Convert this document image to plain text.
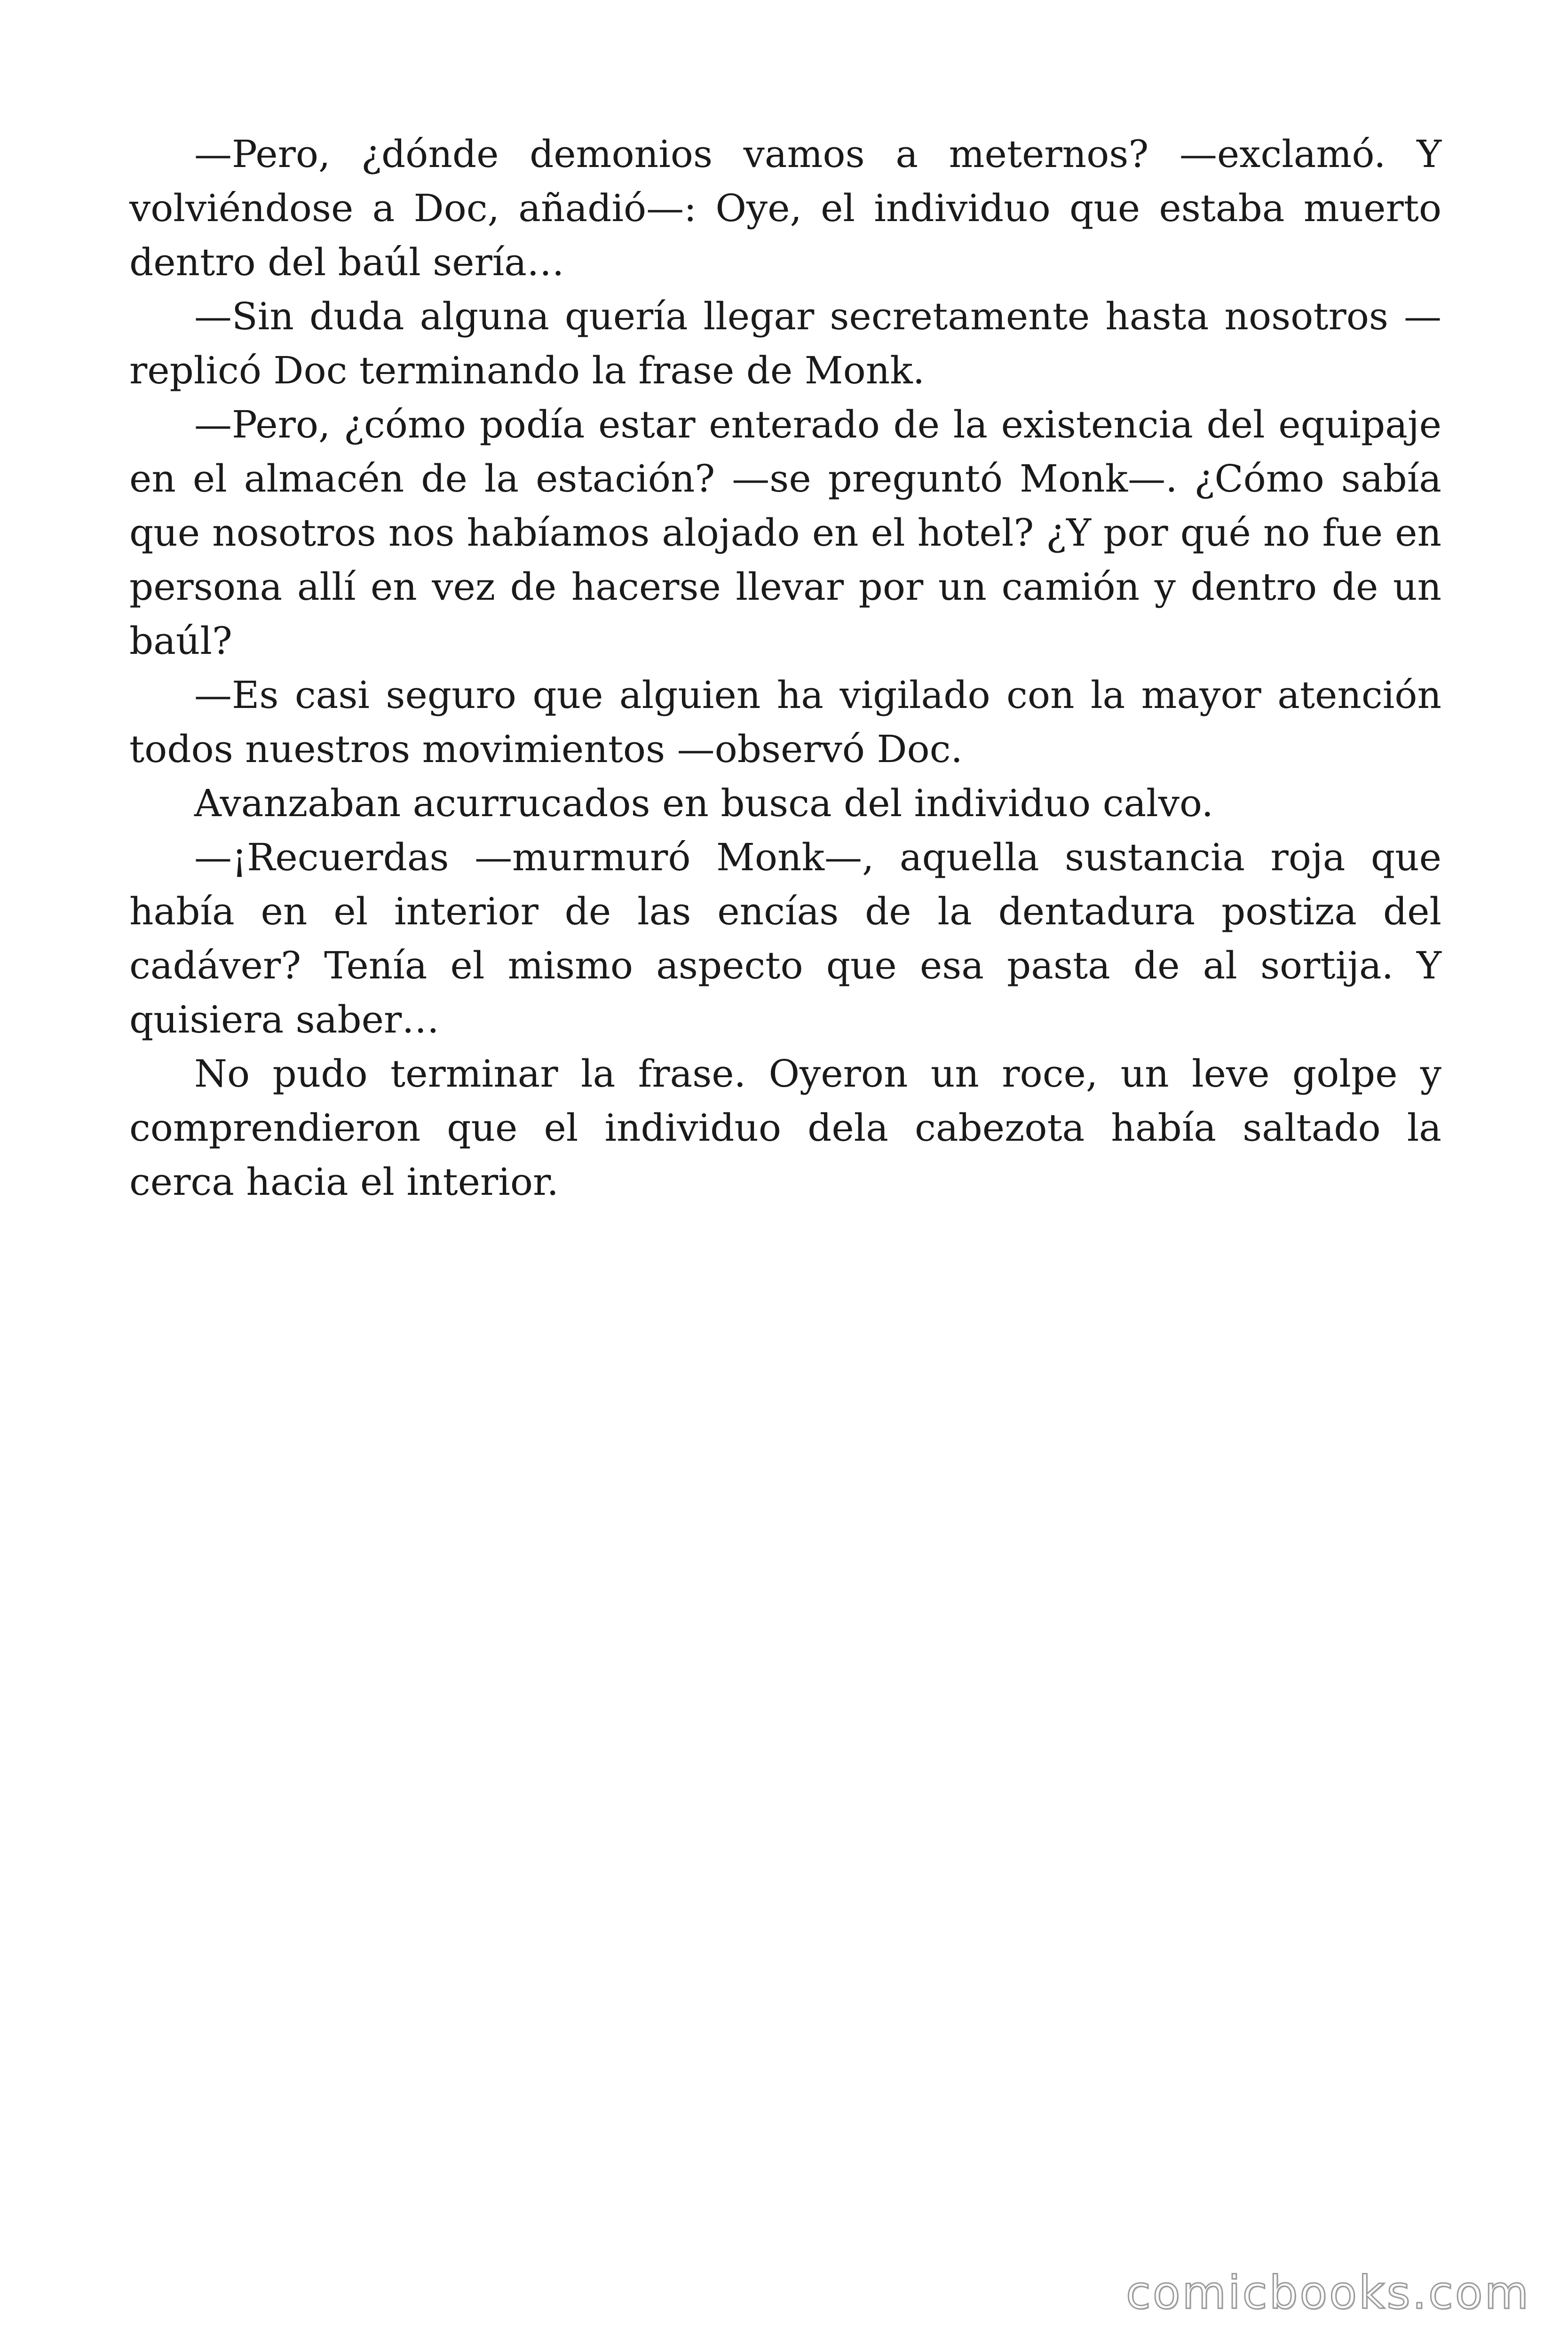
—Pero, ¿dónde demonios vamos a meternos? —exclamó. Y volviéndose a Doc, añadió—: Oye, el individuo que estaba muerto dentro del baúl sería…

—Sin duda alguna quería llegar secretamente hasta nosotros —replicó Doc terminando la frase de Monk.

—Pero, ¿cómo podía estar enterado de la existencia del equipaje en el almacén de la estación? —se preguntó Monk—. ¿Cómo sabía que nosotros nos habíamos alojado en el hotel? ¿Y por qué no fue en persona allí en vez de hacerse llevar por un camión y dentro de un baúl?

—Es casi seguro que alguien ha vigilado con la mayor atención todos nuestros movimientos —observó Doc.

Avanzaban acurrucados en busca del individuo calvo.

—¡Recuerdas —murmuró Monk—, aquella sustancia roja que había en el interior de las encías de la dentadura postiza del cadáver? Tenía el mismo aspecto que esa pasta de al sortija. Y quisiera saber…

No pudo terminar la frase. Oyeron un roce, un leve golpe y comprendieron que el individuo dela cabezota había saltado la cerca hacia el interior.

comicbooks.com
